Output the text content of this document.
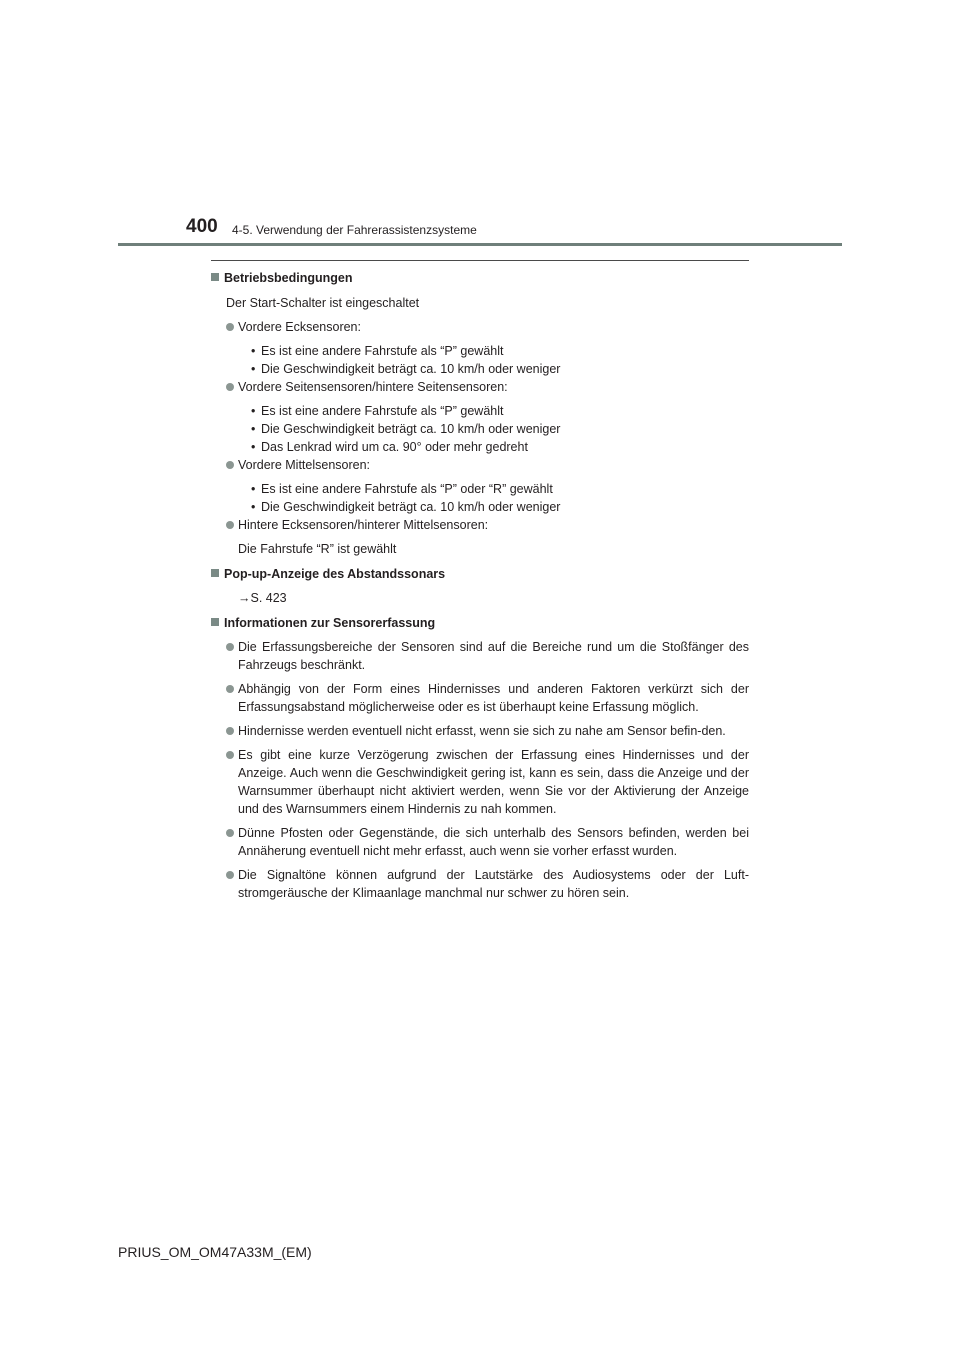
400 4-5. Verwendung der Fahrerassistenzsysteme
Betriebsbedingungen
Der Start-Schalter ist eingeschaltet
Vordere Ecksensoren:
• Es ist eine andere Fahrstufe als “P” gewählt
• Die Geschwindigkeit beträgt ca. 10 km/h oder weniger
Vordere Seitensensoren/hintere Seitensensoren:
• Es ist eine andere Fahrstufe als “P” gewählt
• Die Geschwindigkeit beträgt ca. 10 km/h oder weniger
• Das Lenkrad wird um ca. 90° oder mehr gedreht
Vordere Mittelsensoren:
• Es ist eine andere Fahrstufe als “P” oder “R” gewählt
• Die Geschwindigkeit beträgt ca. 10 km/h oder weniger
Hintere Ecksensoren/hinterer Mittelsensoren:
Die Fahrstufe “R” ist gewählt
Pop-up-Anzeige des Abstandssonars
→S. 423
Informationen zur Sensorerfassung
Die Erfassungsbereiche der Sensoren sind auf die Bereiche rund um die Stoßfänger des Fahrzeugs beschränkt.
Abhängig von der Form eines Hindernisses und anderen Faktoren verkürzt sich der Erfassungsabstand möglicherweise oder es ist überhaupt keine Erfassung möglich.
Hindernisse werden eventuell nicht erfasst, wenn sie sich zu nahe am Sensor befin-den.
Es gibt eine kurze Verzögerung zwischen der Erfassung eines Hindernisses und der Anzeige. Auch wenn die Geschwindigkeit gering ist, kann es sein, dass die Anzeige und der Warnsummer überhaupt nicht aktiviert werden, wenn Sie vor der Aktivierung der Anzeige und des Warnsummers einem Hindernis zu nah kommen.
Dünne Pfosten oder Gegenstände, die sich unterhalb des Sensors befinden, werden bei Annäherung eventuell nicht mehr erfasst, auch wenn sie vorher erfasst wurden.
Die Signaltöne können aufgrund der Lautstärke des Audiosystems oder der Luft-stromgeräusche der Klimaanlage manchmal nur schwer zu hören sein.
PRIUS_OM_OM47A33M_(EM)
